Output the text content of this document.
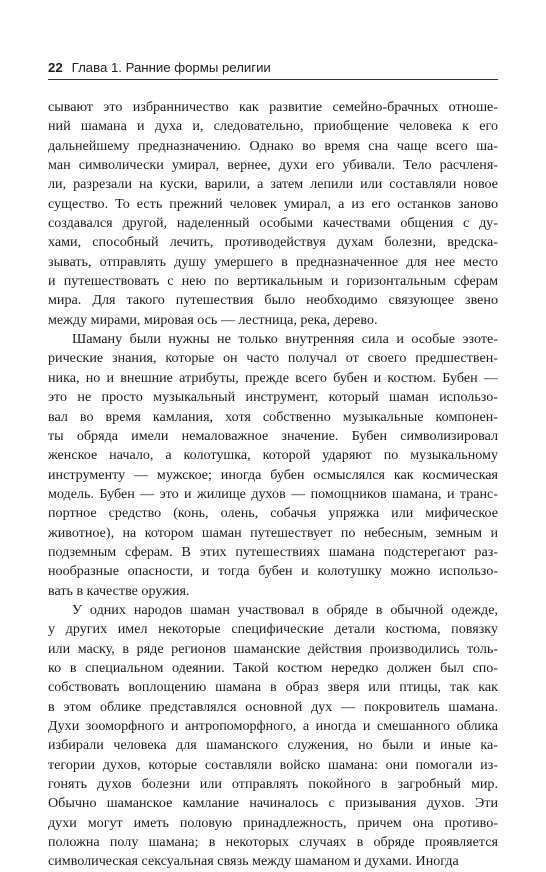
22 Глава 1. Ранние формы религии
сывают это избранничество как развитие семейно-брачных отноше-
ний шамана и духа и, следовательно, приобщение человека к его
дальнейшему предназначению. Однако во время сна чаще всего ша-
ман символически умирал, вернее, духи его убивали. Тело расчленя-
ли, разрезали на куски, варили, а затем лепили или составляли новое
существо. То есть прежний человек умирал, а из его останков заново
создавался другой, наделенный особыми качествами общения с ду-
хами, способный лечить, противодействуя духам болезни, вредска-
зывать, отправлять душу умершего в предназначенное для нее место
и путешествовать с нею по вертикальным и горизонтальным сферам
мира. Для такого путешествия было необходимо связующее звено
между мирами, мировая ось — лестница, река, дерево.
Шаману были нужны не только внутренняя сила и особые эзоте-
рические знания, которые он часто получал от своего предшествен-
ника, но и внешние атрибуты, прежде всего бубен и костюм. Бубен —
это не просто музыкальный инструмент, который шаман использо-
вал во время камлания, хотя собственно музыкальные компонен-
ты обряда имели немаловажное значение. Бубен символизировал
женское начало, а колотушка, которой ударяют по музыкальному
инструменту — мужское; иногда бубен осмыслялся как космическая
модель. Бубен — это и жилище духов — помощников шамана, и транс-
портное средство (конь, олень, собачья упряжка или мифическое
животное), на котором шаман путешествует по небесным, земным и
подземным сферам. В этих путешествиях шамана подстерегают раз-
нообразные опасности, и тогда бубен и колотушку можно использо-
вать в качестве оружия.
У одних народов шаман участвовал в обряде в обычной одежде,
у других имел некоторые специфические детали костюма, повязку
или маску, в ряде регионов шаманские действия производились толь-
ко в специальном одеянии. Такой костюм нередко должен был спо-
собствовать воплощению шамана в образ зверя или птицы, так как
в этом облике представлялся основной дух — покровитель шамана.
Духи зооморфного и антропоморфного, а иногда и смешанного облика
избирали человека для шаманского служения, но были и иные ка-
тегории духов, которые составляли войско шамана: они помогали из-
гонять духов болезни или отправлять покойного в загробный мир.
Обычно шаманское камлание начиналось с призывания духов. Эти
духи могут иметь половую принадлежность, причем она противо-
положна полу шамана; в некоторых случаях в обряде проявляется
символическая сексуальная связь между шаманом и духами. Иногда
